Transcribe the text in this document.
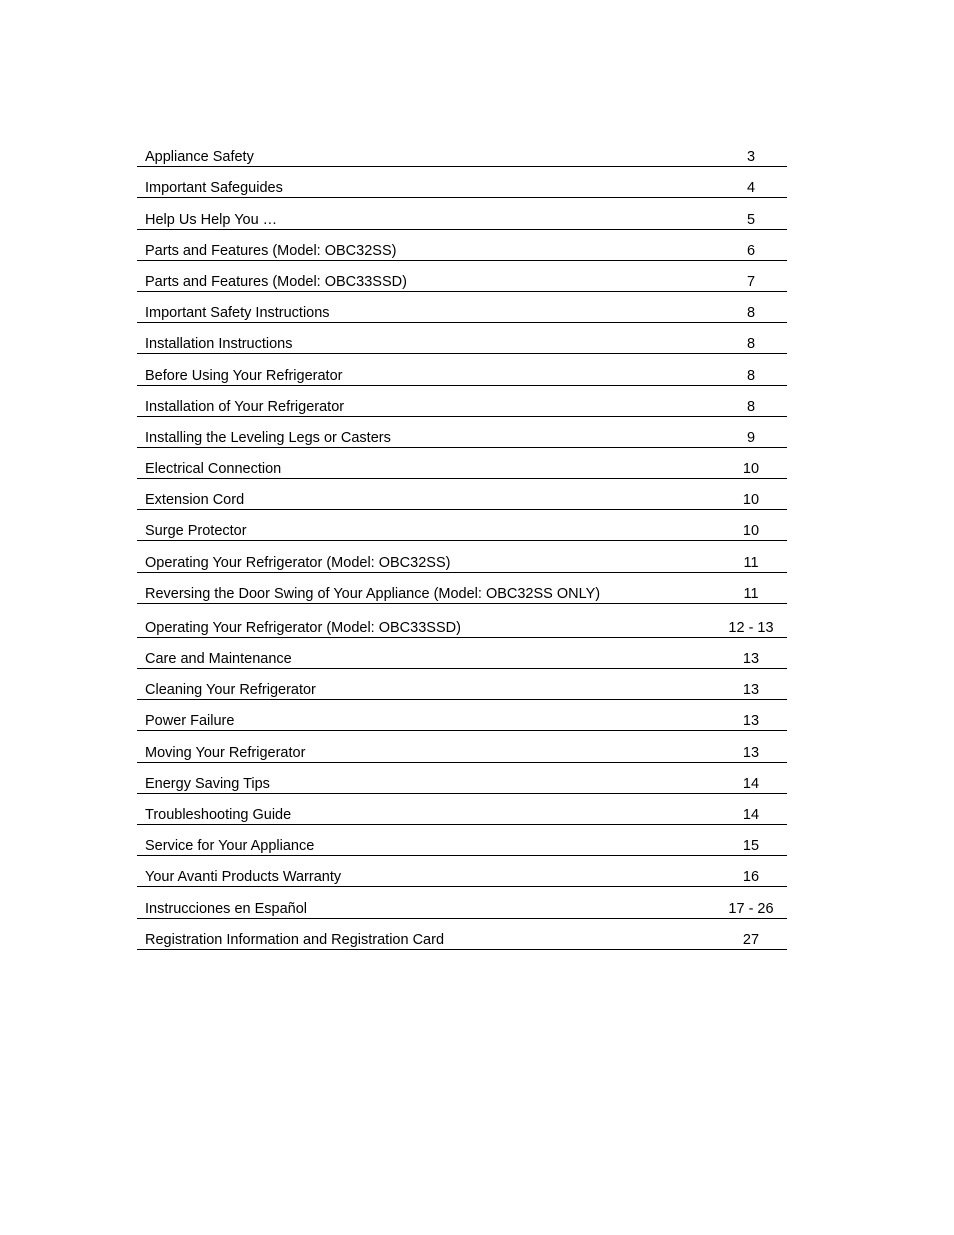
Appliance Safety	3
Important Safeguides	4
Help Us Help You …	5
Parts and Features (Model: OBC32SS)	6
Parts and Features (Model: OBC33SSD)	7
Important Safety Instructions	8
Installation Instructions	8
Before Using Your Refrigerator	8
Installation of Your Refrigerator	8
Installing the Leveling Legs or Casters	9
Electrical Connection	10
Extension Cord	10
Surge Protector	10
Operating Your Refrigerator (Model: OBC32SS)	11
Reversing the Door Swing of Your Appliance (Model: OBC32SS ONLY)	11
Operating Your Refrigerator (Model: OBC33SSD)	12 - 13
Care and Maintenance	13
Cleaning Your Refrigerator	13
Power Failure	13
Moving Your Refrigerator	13
Energy Saving Tips	14
Troubleshooting Guide	14
Service for Your Appliance	15
Your Avanti Products Warranty	16
Instrucciones en Español	17 - 26
Registration Information and Registration Card	27
